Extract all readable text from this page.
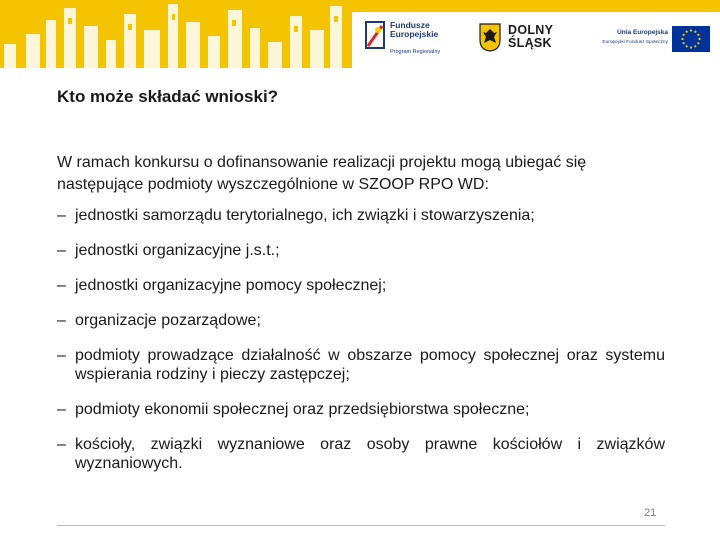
Fundusze
Europejskie
Program Regionalny
DOLNY
ŚLĄSK
Unia Europejska
Europejski Fundusz Społeczny
Kto może składać wnioski?
W ramach konkursu o dofinansowanie realizacji projektu mogą ubiegać się następujące podmioty wyszczególnione w SZOOP RPO WD:
– jednostki samorządu terytorialnego, ich związki i stowarzyszenia;
– jednostki organizacyjne j.s.t.;
– jednostki organizacyjne pomocy społecznej;
– organizacje pozarządowe;
– podmioty prowadzące działalność w obszarze pomocy społecznej oraz systemu wspierania rodziny i pieczy zastępczej;
– podmioty ekonomii społecznej oraz przedsiębiorstwa społeczne;
– kościoły, związki wyznaniowe oraz osoby prawne kościołów i związków wyznaniowych.
21
